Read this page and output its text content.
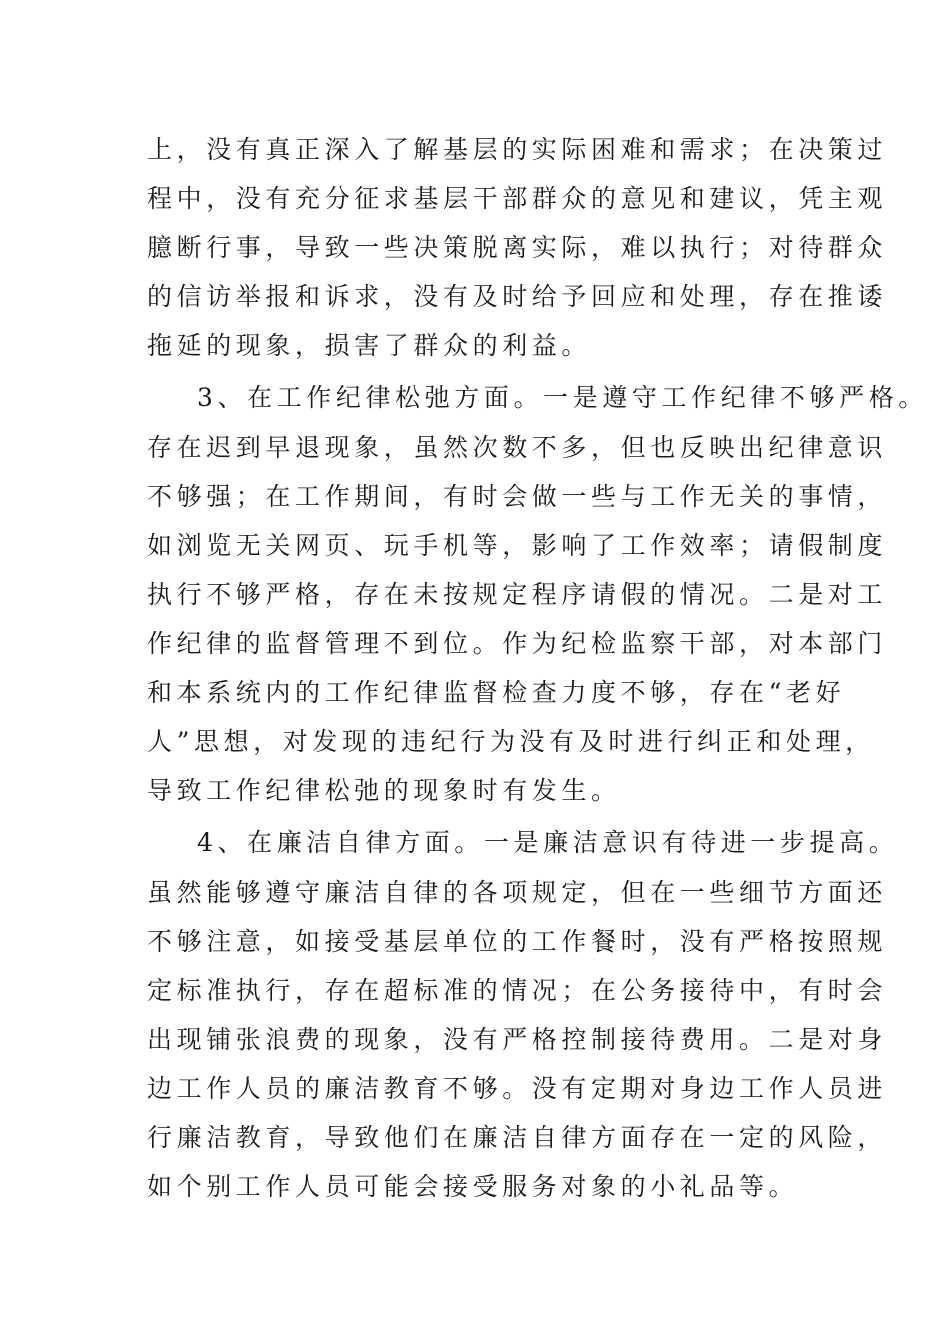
上，没有真正深入了解基层的实际困难和需求；在决策过

程中，没有充分征求基层干部群众的意见和建议，凭主观

臆断行事，导致一些决策脱离实际，难以执行；对待群众

的信访举报和诉求，没有及时给予回应和处理，存在推诿

拖延的现象，损害了群众的利益。

3、在工作纪律松弛方面。一是遵守工作纪律不够严格。

存在迟到早退现象，虽然次数不多，但也反映出纪律意识

不够强；在工作期间，有时会做一些与工作无关的事情，

如浏览无关网页、玩手机等，影响了工作效率；请假制度

执行不够严格，存在未按规定程序请假的情况。二是对工

作纪律的监督管理不到位。作为纪检监察干部，对本部门

和本系统内的工作纪律监督检查力度不够，存在“老好

人”思想，对发现的违纪行为没有及时进行纠正和处理，

导致工作纪律松弛的现象时有发生。

4、在廉洁自律方面。一是廉洁意识有待进一步提高。

虽然能够遵守廉洁自律的各项规定，但在一些细节方面还

不够注意，如接受基层单位的工作餐时，没有严格按照规

定标准执行，存在超标准的情况；在公务接待中，有时会

出现铺张浪费的现象，没有严格控制接待费用。二是对身

边工作人员的廉洁教育不够。没有定期对身边工作人员进

行廉洁教育，导致他们在廉洁自律方面存在一定的风险，

如个别工作人员可能会接受服务对象的小礼品等。
